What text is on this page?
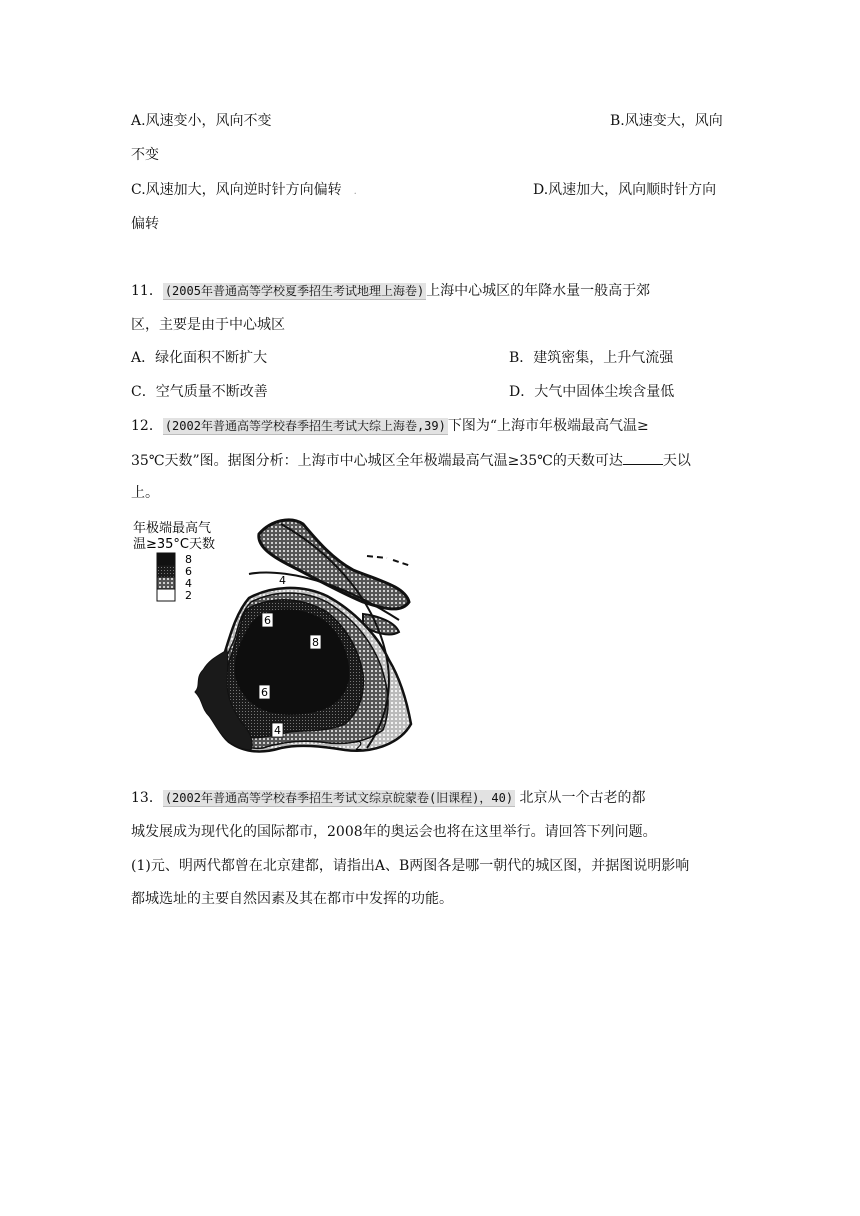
A.风速变小，风向不变	B.风速变大，风向
不变
C.风速加大，风向逆时针方向偏转 .	D.风速加大，风向顺时针方向
偏转
11． (2005年普通高等学校夏季招生考试地理上海卷) 上海中心城区的年降水量一般高于郊
区，主要是由于中心城区
A．绿化面积不断扩大	B．建筑密集，上升气流强
C．空气质量不断改善	D．大气中固体尘埃含量低
12． (2002年普通高等学校春季招生考试大综上海卷,39) 下图为“上海市年极端最高气温≥
35℃天数”图。据图分析：上海市中心城区全年极端最高气温≥35℃的天数可达	天以
上。
年极端最高气
温≥35°C天数
8
6
4
2
4
6
8
6
4
2
13． (2002年普通高等学校春季招生考试文综京皖蒙卷(旧课程)，40) 北京从一个古老的都
城发展成为现代化的国际都市，2008年的奥运会也将在这里举行。请回答下列问题。
(1)元、明两代都曾在北京建都，请指出A、B两图各是哪一朝代的城区图，并据图说明影响
都城选址的主要自然因素及其在都市中发挥的功能。
